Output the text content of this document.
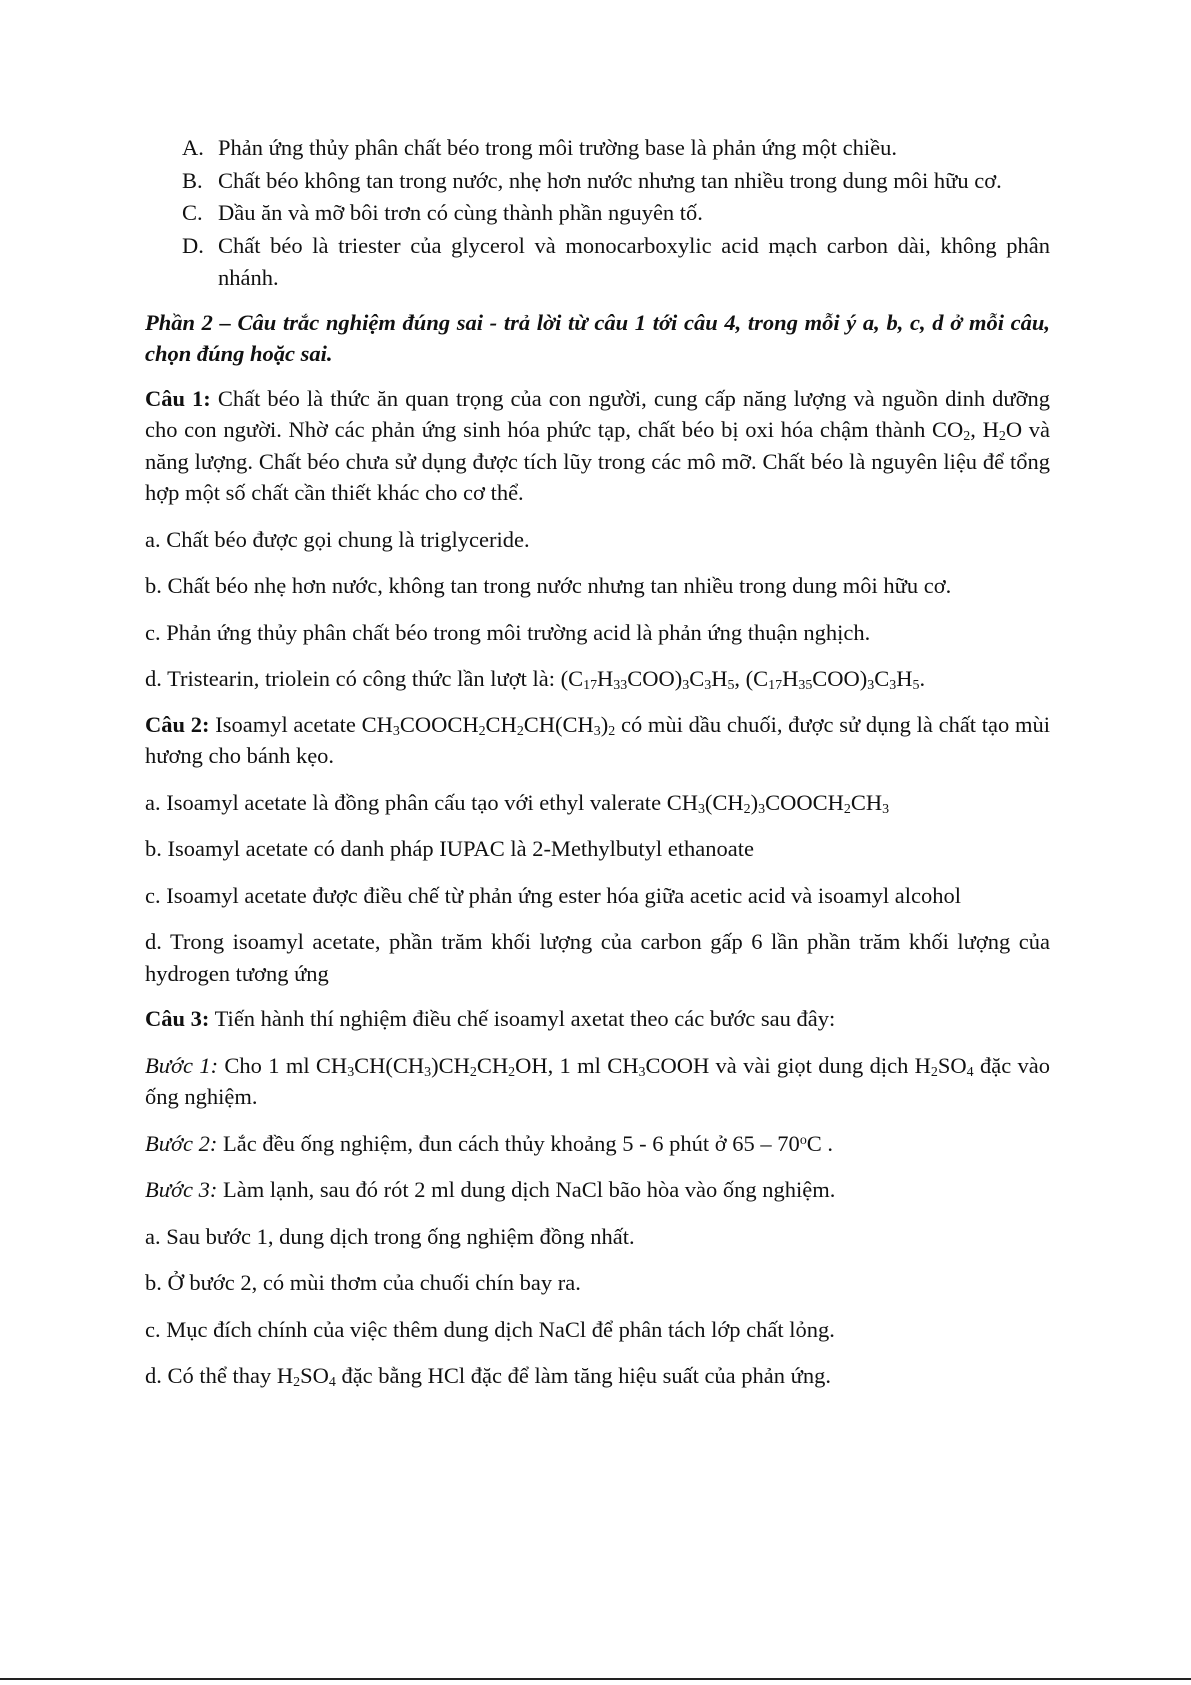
A. Phản ứng thủy phân chất béo trong môi trường base là phản ứng một chiều.
B. Chất béo không tan trong nước, nhẹ hơn nước nhưng tan nhiều trong dung môi hữu cơ.
C. Dầu ăn và mỡ bôi trơn có cùng thành phần nguyên tố.
D. Chất béo là triester của glycerol và monocarboxylic acid mạch carbon dài, không phân nhánh.

Phần 2 – Câu trắc nghiệm đúng sai - trả lời từ câu 1 tới câu 4, trong mỗi ý a, b, c, d ở mỗi câu, chọn đúng hoặc sai.

Câu 1: Chất béo là thức ăn quan trọng của con người, cung cấp năng lượng và nguồn dinh dưỡng cho con người. Nhờ các phản ứng sinh hóa phức tạp, chất béo bị oxi hóa chậm thành $CO_2$, $H_2O$ và năng lượng. Chất béo chưa sử dụng được tích lũy trong các mô mỡ. Chất béo là nguyên liệu để tổng hợp một số chất cần thiết khác cho cơ thể.

a. Chất béo được gọi chung là triglyceride.

b. Chất béo nhẹ hơn nước, không tan trong nước nhưng tan nhiều trong dung môi hữu cơ.

c. Phản ứng thủy phân chất béo trong môi trường acid là phản ứng thuận nghịch.

d. Tristearin, triolein có công thức lần lượt là: $(C_{17}H_{33}COO)_3C_3H_5$, $(C_{17}H_{35}COO)_3C_3H_5$.

Câu 2: Isoamyl acetate $CH_3COOCH_2CH_2CH(CH_3)_2$ có mùi dầu chuối, được sử dụng là chất tạo mùi hương cho bánh kẹo.

a. Isoamyl acetate là đồng phân cấu tạo với ethyl valerate $CH_3(CH_2)_3COOCH_2CH_3$

b. Isoamyl acetate có danh pháp IUPAC là 2-Methylbutyl ethanoate

c. Isoamyl acetate được điều chế từ phản ứng ester hóa giữa acetic acid và isoamyl alcohol

d. Trong isoamyl acetate, phần trăm khối lượng của carbon gấp 6 lần phần trăm khối lượng của hydrogen tương ứng

Câu 3: Tiến hành thí nghiệm điều chế isoamyl axetat theo các bước sau đây:

Bước 1: Cho 1 ml $CH_3CH(CH_3)CH_2CH_2OH$, 1 ml $CH_3COOH$ và vài giọt dung dịch $H_2SO_4$ đặc vào ống nghiệm.

Bước 2: Lắc đều ống nghiệm, đun cách thủy khoảng 5 - 6 phút ở 65 – 70$^o$C .

Bước 3: Làm lạnh, sau đó rót 2 ml dung dịch NaCl bão hòa vào ống nghiệm.

a. Sau bước 1, dung dịch trong ống nghiệm đồng nhất.

b. Ở bước 2, có mùi thơm của chuối chín bay ra.

c. Mục đích chính của việc thêm dung dịch NaCl để phân tách lớp chất lỏng.

d. Có thể thay $H_2SO_4$ đặc bằng HCl đặc để làm tăng hiệu suất của phản ứng.
